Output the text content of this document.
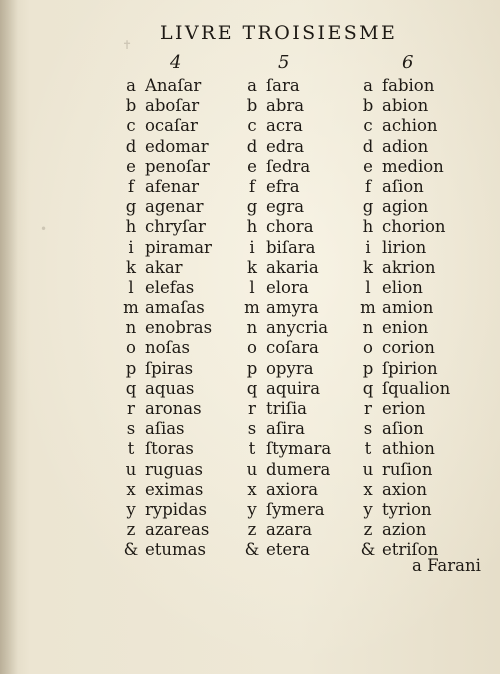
✝
•
LIVRE TROISIESME
4	5	6
a Anaſar
b aboſar
c ocaſar
d edomar
e penoſar
f afenar
g agenar
h chryſar
i piramar
k akar
l elefas
m amaſas
n enobras
o noſas
p ſpiras
q aquas
r aronas
s aſias
t ſtoras
u ruguas
x eximas
y rypidas
z azareas
& etumas
a ſara
b abra
c acra
d edra
e ſedra
f efra
g egra
h chora
i biſara
k akaria
l elora
m amyra
n anycria
o coſara
p opyra
q aquira
r triſia
s aſira
t ſtymara
u dumera
x axiora
y ſymera
z azara
& etera
a fabion
b abion
c achion
d adion
e medion
f aſion
g agion
h chorion
i lirion
k akrion
l elion
m amion
n enion
o corion
p ſpirion
q ſqualion
r erion
s aſion
t athion
u ruſion
x axion
y tyrion
z azion
& etriſon
a Farani
